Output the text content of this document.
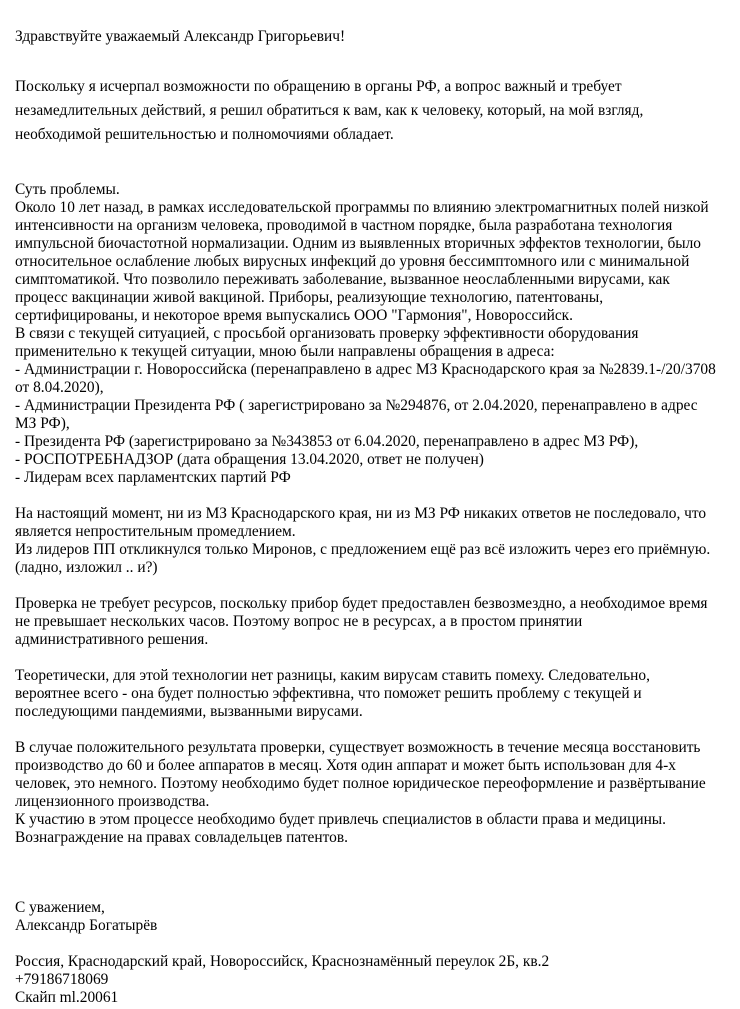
Здравствуйте уважаемый Александр Григорьевич!

Поскольку я исчерпал возможности по обращению в органы РФ, а вопрос важный и требует

незамедлительных действий, я решил обратиться к вам, как к человеку, который, на мой взгляд,

необходимой решительностью и полномочиями обладает.

Суть проблемы.

Около 10 лет назад, в рамках исследовательской программы по влиянию электромагнитных полей низкой

интенсивности на организм человека, проводимой в частном порядке, была разработана технология

импульсной биочастотной нормализации. Одним из выявленных вторичных эффектов технологии, было

относительное ослабление любых вирусных инфекций до уровня бессимптомного или с минимальной

симптоматикой. Что позволило переживать заболевание, вызванное неослабленными вирусами, как

процесс вакцинации живой вакциной. Приборы, реализующие технологию, патентованы,

сертифицированы, и некоторое время выпускались ООО "Гармония", Новороссийск.

В связи с текущей ситуацией, с просьбой организовать проверку эффективности оборудования

применительно к текущей ситуации, мною были направлены обращения в адреса:

- Администрации г. Новороссийска (перенаправлено в адрес МЗ Краснодарского края за №2839.1-/20/3708

от 8.04.2020),

- Администрации Президента РФ ( зарегистрировано за №294876, от 2.04.2020, перенаправлено в адрес

МЗ РФ),

- Президента РФ (зарегистрировано за №343853 от 6.04.2020, перенаправлено в адрес МЗ РФ),

- РОСПОТРЕБНАДЗОР (дата обращения 13.04.2020, ответ не получен)

- Лидерам всех парламентских партий РФ

На настоящий момент, ни из МЗ Краснодарского края, ни из МЗ РФ никаких ответов не последовало, что

является непростительным промедлением.

Из лидеров ПП откликнулся только Миронов, с предложением ещё раз всё изложить через его приёмную.

(ладно, изложил .. и?)

Проверка не требует ресурсов, поскольку прибор будет предоставлен безвозмездно, а необходимое время

не превышает нескольких часов. Поэтому вопрос не в ресурсах, а в простом принятии

административного решения.

Теоретически, для этой технологии нет разницы, каким вирусам ставить помеху. Следовательно,

вероятнее всего - она будет полностью эффективна, что поможет решить проблему с текущей и

последующими пандемиями, вызванными вирусами.

В случае положительного результата проверки, существует возможность в течение месяца восстановить

производство до 60 и более аппаратов в месяц. Хотя один аппарат и может быть использован для 4-х

человек, это немного. Поэтому необходимо будет полное юридическое переоформление и развёртывание

лицензионного производства.

К участию в этом процессе необходимо будет привлечь специалистов в области права и медицины.

Вознаграждение на правах совладельцев патентов.

С уважением,

Александр Богатырёв

Россия, Краснодарский край, Новороссийск, Краснознамённый переулок 2Б, кв.2

+79186718069

Скайп ml.20061
